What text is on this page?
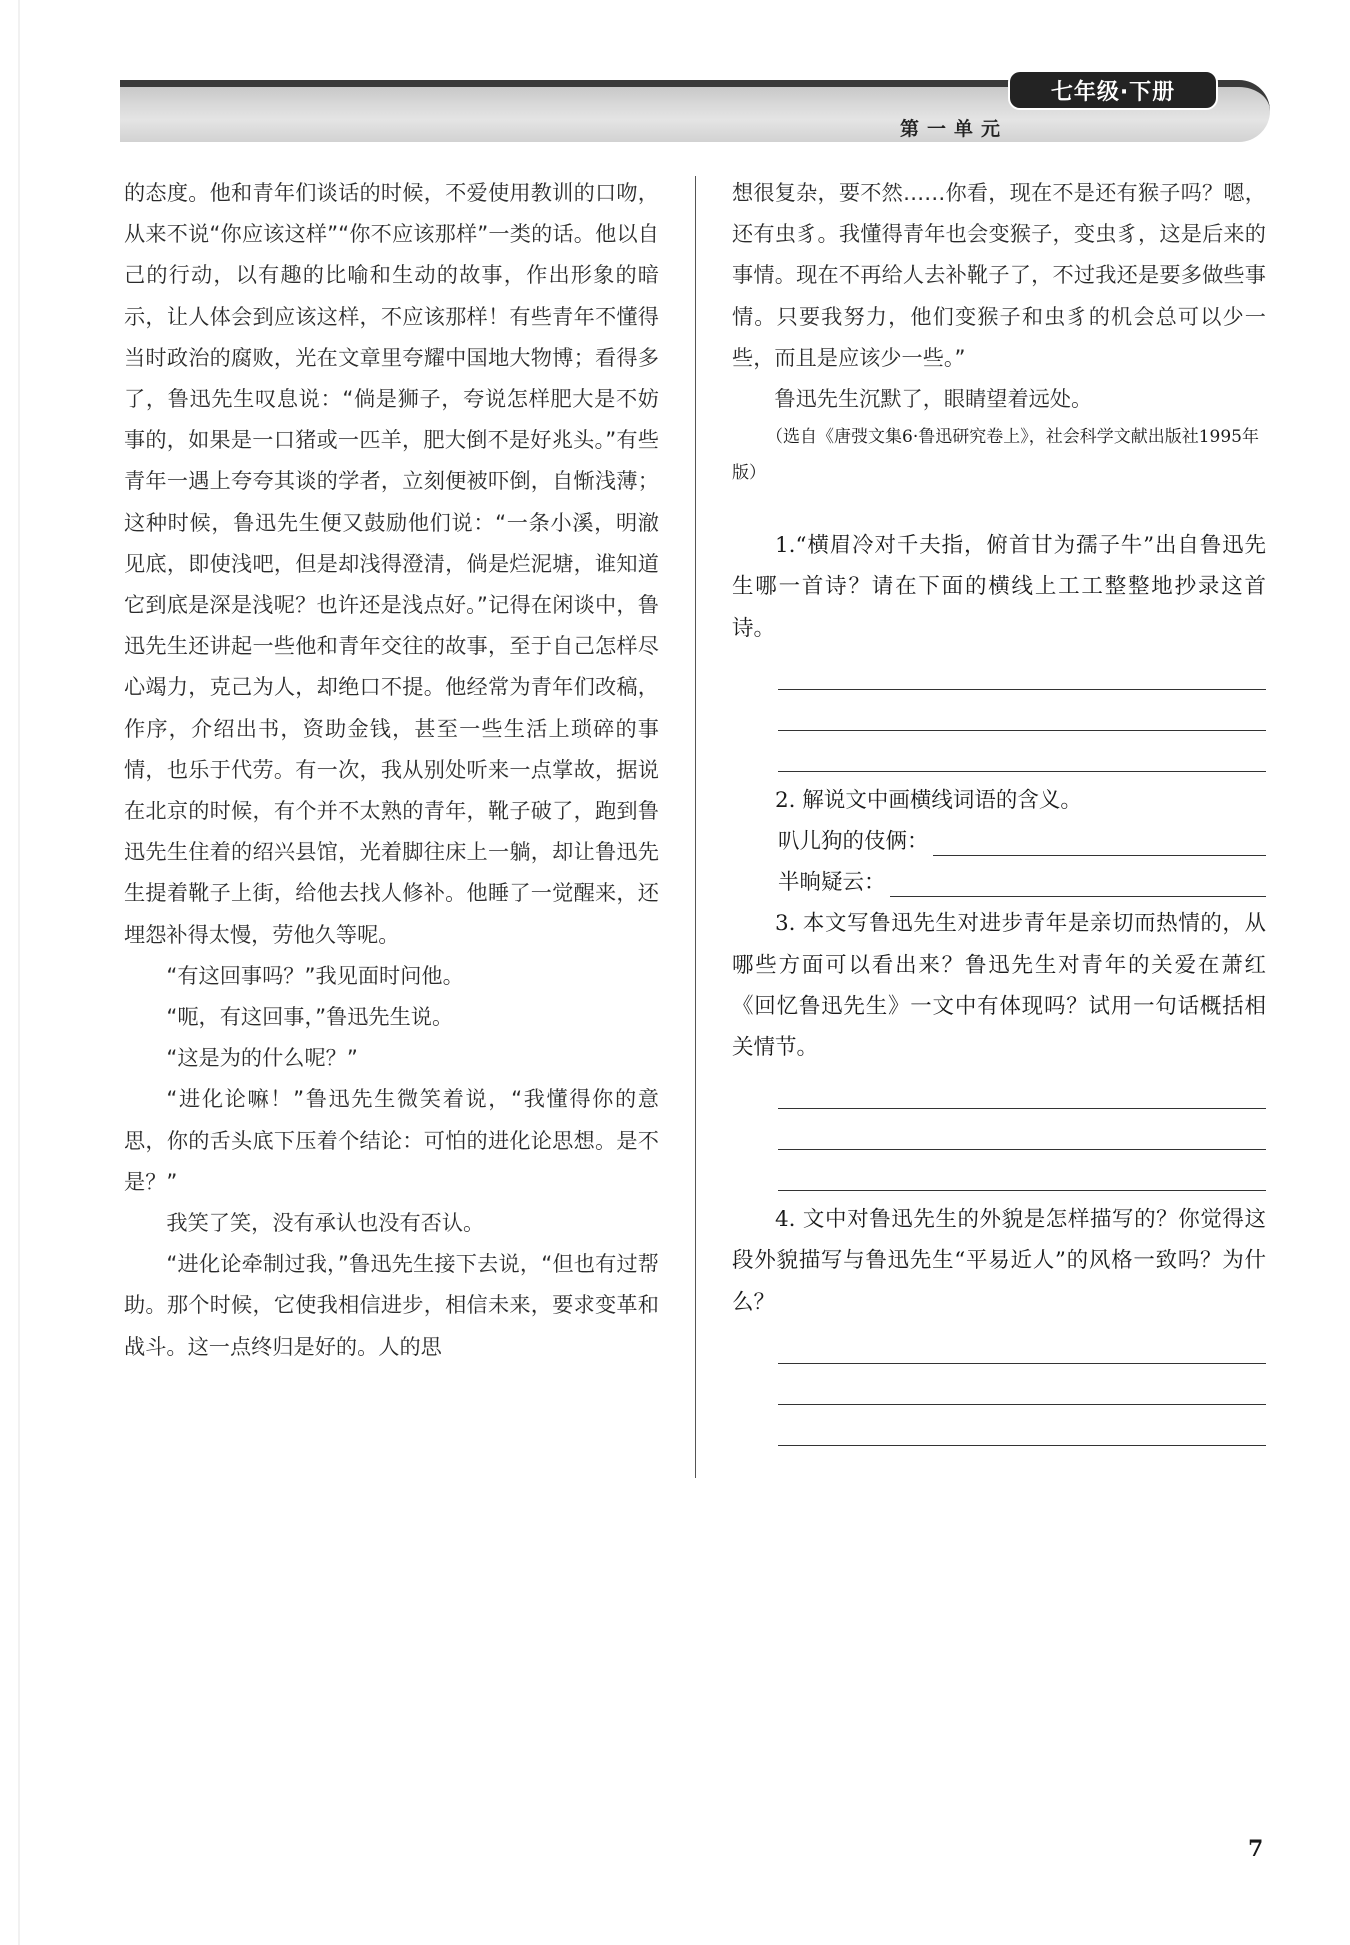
七年级·下册
第一单元

的态度。他和青年们谈话的时候，不爱使用教训的口吻，从来不说“你应该这样”“你不应该那样”一类的话。他以自己的行动，以有趣的比喻和生动的故事，作出形象的暗示，让人体会到应该这样，不应该那样！有些青年不懂得当时政治的腐败，光在文章里夸耀中国地大物博；看得多了，鲁迅先生叹息说：“倘是狮子，夸说怎样肥大是不妨事的，如果是一口猪或一匹羊，肥大倒不是好兆头。”有些青年一遇上夸夸其谈的学者，立刻便被吓倒，自惭浅薄；这种时候，鲁迅先生便又鼓励他们说：“一条小溪，明澈见底，即使浅吧，但是却浅得澄清，倘是烂泥塘，谁知道它到底是深是浅呢？也许还是浅点好。”记得在闲谈中，鲁迅先生还讲起一些他和青年交往的故事，至于自己怎样尽心竭力，克己为人，却绝口不提。他经常为青年们改稿，作序，介绍出书，资助金钱，甚至一些生活上琐碎的事情，也乐于代劳。有一次，我从别处听来一点掌故，据说在北京的时候，有个并不太熟的青年，靴子破了，跑到鲁迅先生住着的绍兴县馆，光着脚往床上一躺，却让鲁迅先生提着靴子上街，给他去找人修补。他睡了一觉醒来，还埋怨补得太慢，劳他久等呢。

“有这回事吗？”我见面时问他。

“呃，有这回事，”鲁迅先生说。

“这是为的什么呢？”

“进化论嘛！”鲁迅先生微笑着说，“我懂得你的意思，你的舌头底下压着个结论：可怕的进化论思想。是不是？”

我笑了笑，没有承认也没有否认。

“进化论牵制过我，”鲁迅先生接下去说，“但也有过帮助。那个时候，它使我相信进步，相信未来，要求变革和战斗。这一点终归是好的。人的思

想很复杂，要不然……你看，现在不是还有猴子吗？嗯，还有虫豸。我懂得青年也会变猴子，变虫豸，这是后来的事情。现在不再给人去补靴子了，不过我还是要多做些事情。只要我努力，他们变猴子和虫豸的机会总可以少一些，而且是应该少一些。”

鲁迅先生沉默了，眼睛望着远处。

（选自《唐弢文集6·鲁迅研究卷上》，社会科学文献出版社1995年版）

1.“横眉冷对千夫指，俯首甘为孺子牛”出自鲁迅先生哪一首诗？请在下面的横线上工工整整地抄录这首诗。

2. 解说文中画横线词语的含义。

叭儿狗的伎俩：
半晌疑云：

3. 本文写鲁迅先生对进步青年是亲切而热情的，从哪些方面可以看出来？鲁迅先生对青年的关爱在萧红《回忆鲁迅先生》一文中有体现吗？试用一句话概括相关情节。

4. 文中对鲁迅先生的外貌是怎样描写的？你觉得这段外貌描写与鲁迅先生“平易近人”的风格一致吗？为什么？

7
